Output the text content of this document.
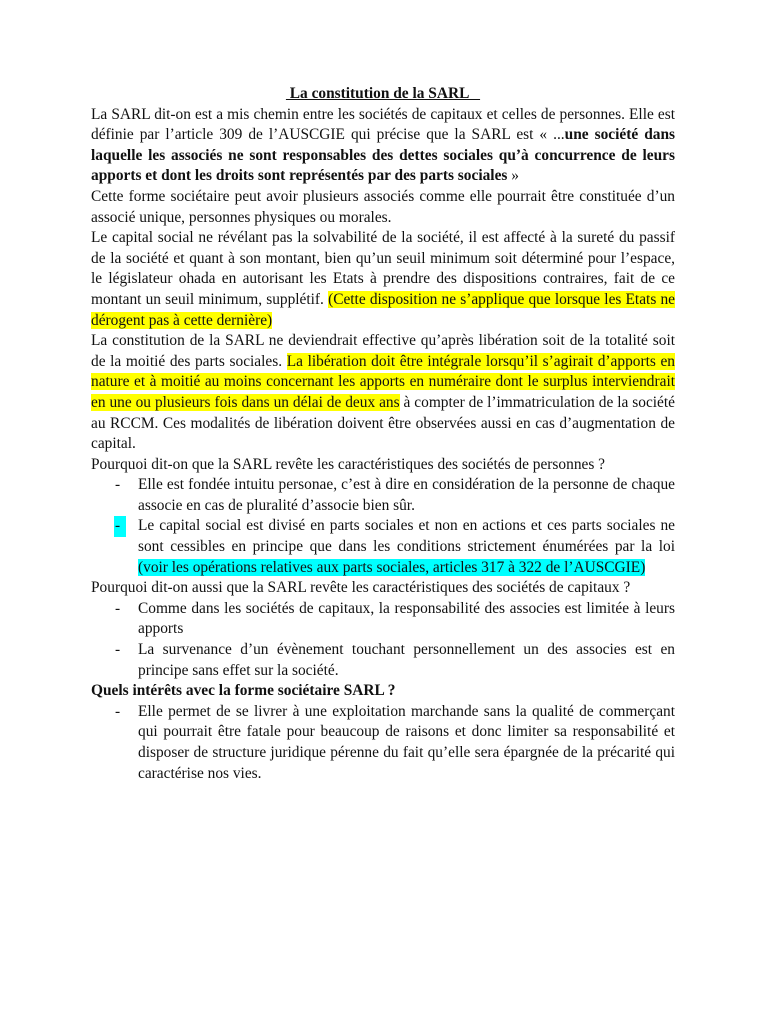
La constitution de la SARL

La SARL dit-on est a mis chemin entre les sociétés de capitaux et celles de personnes. Elle est définie par l’article 309 de l’AUSCGIE qui précise que la SARL est « ...une société dans laquelle les associés ne sont responsables des dettes sociales qu’à concurrence de leurs apports et dont les droits sont représentés par des parts sociales »

Cette forme sociétaire peut avoir plusieurs associés comme elle pourrait être constituée d’un associé unique, personnes physiques ou morales.

Le capital social ne révélant pas la solvabilité de la société, il est affecté à la sureté du passif de la société et quant à son montant, bien qu’un seuil minimum soit déterminé pour l’espace, le législateur ohada en autorisant les Etats à prendre des dispositions contraires, fait de ce montant un seuil minimum, supplétif. (Cette disposition ne s’applique que lorsque les Etats ne dérogent pas à cette dernière)

La constitution de la SARL ne deviendrait effective qu’après libération soit de la totalité soit de la moitié des parts sociales. La libération doit être intégrale lorsqu’il s’agirait d’apports en nature et à moitié au moins concernant les apports en numéraire dont le surplus interviendrait en une ou plusieurs fois dans un délai de deux ans à compter de l’immatriculation de la société au RCCM. Ces modalités de libération doivent être observées aussi en cas d’augmentation de capital.

Pourquoi dit-on que la SARL revête les caractéristiques des sociétés de personnes ?

- Elle est fondée intuitu personae, c’est à dire en considération de la personne de chaque associe en cas de pluralité d’associe bien sûr.
-	Le capital social est divisé en parts sociales et non en actions et ces parts sociales ne sont cessibles en principe que dans les conditions strictement énumérées par la loi (voir les opérations relatives aux parts sociales, articles 317 à 322 de l’AUSCGIE)

Pourquoi dit-on aussi que la SARL revête les caractéristiques des sociétés de capitaux ?

- Comme dans les sociétés de capitaux, la responsabilité des associes est limitée à leurs apports
- La survenance d’un évènement touchant personnellement un des associes est en principe sans effet sur la société.

Quels intérêts avec la forme sociétaire SARL ?

- Elle permet de se livrer à une exploitation marchande sans la qualité de commerçant qui pourrait être fatale pour beaucoup de raisons et donc limiter sa responsabilité et disposer de structure juridique pérenne du fait qu’elle sera épargnée de la précarité qui caractérise nos vies.
